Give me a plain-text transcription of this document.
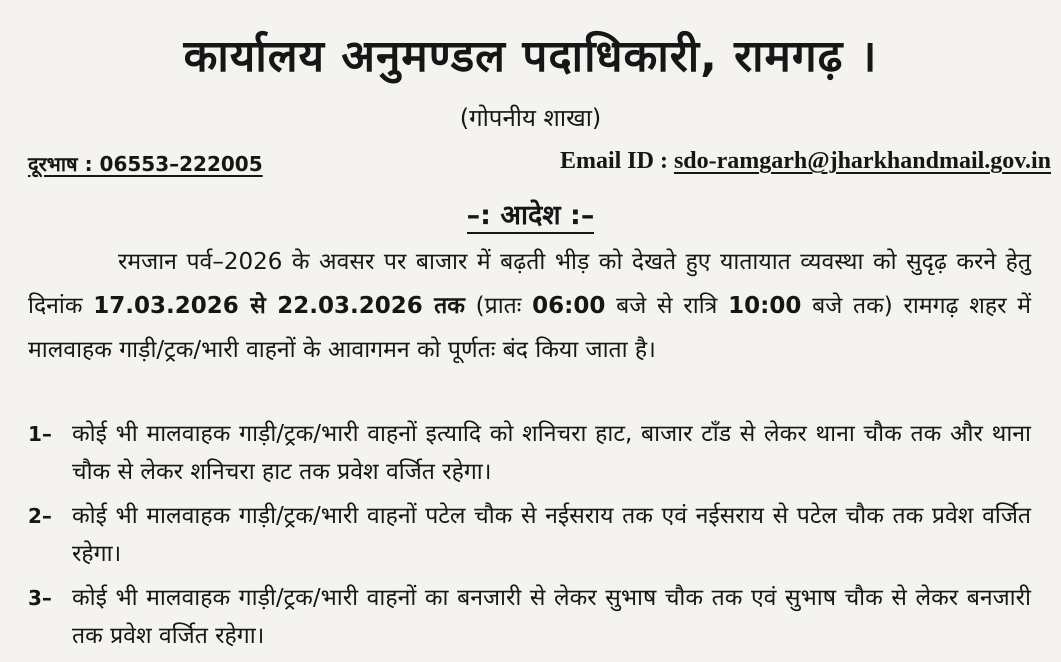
कार्यालय अनुमण्डल पदाधिकारी, रामगढ़ ।
(गोपनीय शाखा)
दूरभाष : 06553–222005	Email ID : sdo-ramgarh@jharkhandmail.gov.in
–: आदेश :–
रमजान पर्व–2026 के अवसर पर बाजार में बढ़ती भीड़ को देखते हुए यातायात व्यवस्था को सुदृढ़ करने हेतु दिनांक 17.03.2026 से 22.03.2026 तक (प्रातः 06:00 बजे से रात्रि 10:00 बजे तक) रामगढ़ शहर में मालवाहक गाड़ी/ट्रक/भारी वाहनों के आवागमन को पूर्णतः बंद किया जाता है।
1– कोई भी मालवाहक गाड़ी/ट्रक/भारी वाहनों इत्यादि को शनिचरा हाट, बाजार टाँड से लेकर थाना चौक तक और थाना चौक से लेकर शनिचरा हाट तक प्रवेश वर्जित रहेगा।
2– कोई भी मालवाहक गाड़ी/ट्रक/भारी वाहनों पटेल चौक से नईसराय तक एवं नईसराय से पटेल चौक तक प्रवेश वर्जित रहेगा।
3– कोई भी मालवाहक गाड़ी/ट्रक/भारी वाहनों का बनजारी से लेकर सुभाष चौक तक एवं सुभाष चौक से लेकर बनजारी तक प्रवेश वर्जित रहेगा।
